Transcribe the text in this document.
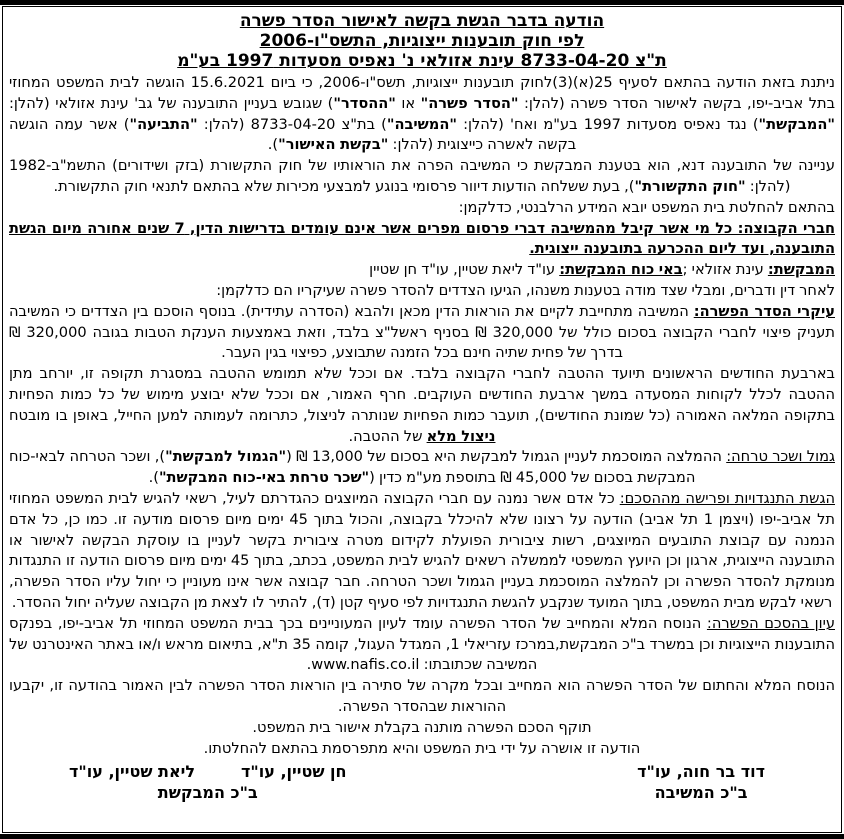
הודעה בדבר הגשת בקשה לאישור הסדר פשרה
לפי חוק תובענות ייצוגיות, התשס"ו-2006
ת"צ 8733-04-20 עינת אזולאי נ' נאפיס מסעדות 1997 בע"מ

ניתנת בזאת הודעה בהתאם לסעיף 25(א)(3)לחוק תובענות ייצוגיות, תשס"ו-2006, כי ביום 15.6.2021 הוגשה לבית המשפט המחוזי בתל אביב-יפו, בקשה לאישור הסדר פשרה (להלן: "הסדר פשרה" או "ההסדר") שגובש בעניין התובענה של גב' עינת אזולאי (להלן: "המבקשת") נגד נאפיס מסעדות 1997 בע"מ ואח' (להלן: "המשיבה") בת"צ 8733-04-20 (להלן: "התביעה") אשר עמה הוגשה בקשה לאשרה כייצוגית (להלן: "בקשת האישור").

עניינה של התובענה דנא, הוא בטענת המבקשת כי המשיבה הפרה את הוראותיו של חוק התקשורת (בזק ושידורים) התשמ"ב-1982 (להלן: "חוק התקשורת"), בעת ששלחה הודעות דיוור פרסומי בנוגע למבצעי מכירות שלא בהתאם לתנאי חוק התקשורת.

בהתאם להחלטת בית המשפט יובא המידע הרלבנטי, כדלקמן:

חברי הקבוצה: כל מי אשר קיבל מהמשיבה דברי פרסום מפרים אשר אינם עומדים בדרישות הדין, 7 שנים אחורה מיום הגשת התובענה, ועד ליום ההכרעה בתובענה ייצוגית.

המבקשת: עינת אזולאי ;באי כוח המבקשת: עו"ד ליאת שטיין, עו"ד חן שטיין

לאחר דין ודברים, ומבלי שצד מודה בטענות משנהו, הגיעו הצדדים להסדר פשרה שעיקריו הם כדלקמן:

עיקרי הסדר הפשרה: המשיבה מתחייבת לקיים את הוראות הדין מכאן ולהבא (הסדרה עתידית). בנוסף הוסכם בין הצדדים כי המשיבה תעניק פיצוי לחברי הקבוצה בסכום כולל של 320,000 ₪ בסניף ראשל"צ בלבד, וזאת באמצעות הענקת הטבות בגובה 320,000 ₪ בדרך של פחית שתיה חינם בכל הזמנה שתבוצע, כפיצוי בגין העבר.

בארבעת החודשים הראשונים תיועד ההטבה לחברי הקבוצה בלבד. אם וככל שלא תמומש ההטבה במסגרת תקופה זו, יורחב מתן ההטבה לכלל לקוחות המסעדה במשך ארבעת החודשים העוקבים. חרף האמור, אם וככל שלא יבוצע מימוש של כל כמות הפחיות בתקופה המלאה האמורה (כל שמונת החודשים), תועבר כמות הפחיות שנותרה לניצול, כתרומה לעמותה למען החייל, באופן בו מובטח ניצול מלא של ההטבה.

גמול ושכר טרחה: ההמלצה המוסכמת לעניין הגמול למבקשת היא בסכום של 13,000 ₪ ("הגמול למבקשת"), ושכר הטרחה לבאי-כוח המבקשת בסכום של 45,000 ₪ בתוספת מע"מ כדין ("שכר טרחת באי-כוח המבקשת").

הגשת התנגדויות ופרישה מההסכם: כל אדם אשר נמנה עם חברי הקבוצה המיוצגים כהגדרתם לעיל, רשאי להגיש לבית המשפט המחוזי תל אביב-יפו (ויצמן 1 תל אביב) הודעה על רצונו שלא להיכלל בקבוצה, והכול בתוך 45 ימים מיום פרסום מודעה זו. כמו כן, כל אדם הנמנה עם קבוצת התובעים המיוצגים, רשות ציבורית הפועלת לקידום מטרה ציבורית בקשר לעניין בו עוסקת הבקשה לאישור או התובענה הייצוגית, ארגון וכן היועץ המשפטי לממשלה רשאים להגיש לבית המשפט, בכתב, בתוך 45 ימים מיום פרסום הודעה זו התנגדות מנומקת להסדר הפשרה וכן להמלצה המוסכמת בעניין הגמול ושכר הטרחה. חבר קבוצה אשר אינו מעוניין כי יחול עליו הסדר הפשרה, רשאי לבקש מבית המשפט, בתוך המועד שנקבע להגשת התנגדויות לפי סעיף קטן (ד), להתיר לו לצאת מן הקבוצה שעליה יחול ההסדר.

עיון בהסכם הפשרה: הנוסח המלא והמחייב של הסדר הפשרה עומד לעיון המעוניינים בכך בבית המשפט המחוזי תל אביב-יפו, בפנקס התובענות הייצוגיות וכן במשרד ב"כ המבקשת,במרכז עזריאלי 1, המגדל העגול, קומה 35 ת"א, בתיאום מראש ו/או באתר האינטרנט של המשיבה שכתובתו: www.nafis.co.il.

הנוסח המלא והחתום של הסדר הפשרה הוא המחייב ובכל מקרה של סתירה בין הוראות הסדר הפשרה לבין האמור בהודעה זו, יקבעו ההוראות שבהסדר הפשרה.

תוקף הסכם הפשרה מותנה בקבלת אישור בית המשפט.

הודעה זו אושרה על ידי בית המשפט והיא מתפרסמת בהתאם להחלטתו.

דוד בר חוה, עו"ד
ב"כ המשיבה
חן שטיין, עו"ד
ליאת שטיין, עו"ד
ב"כ המבקשת
